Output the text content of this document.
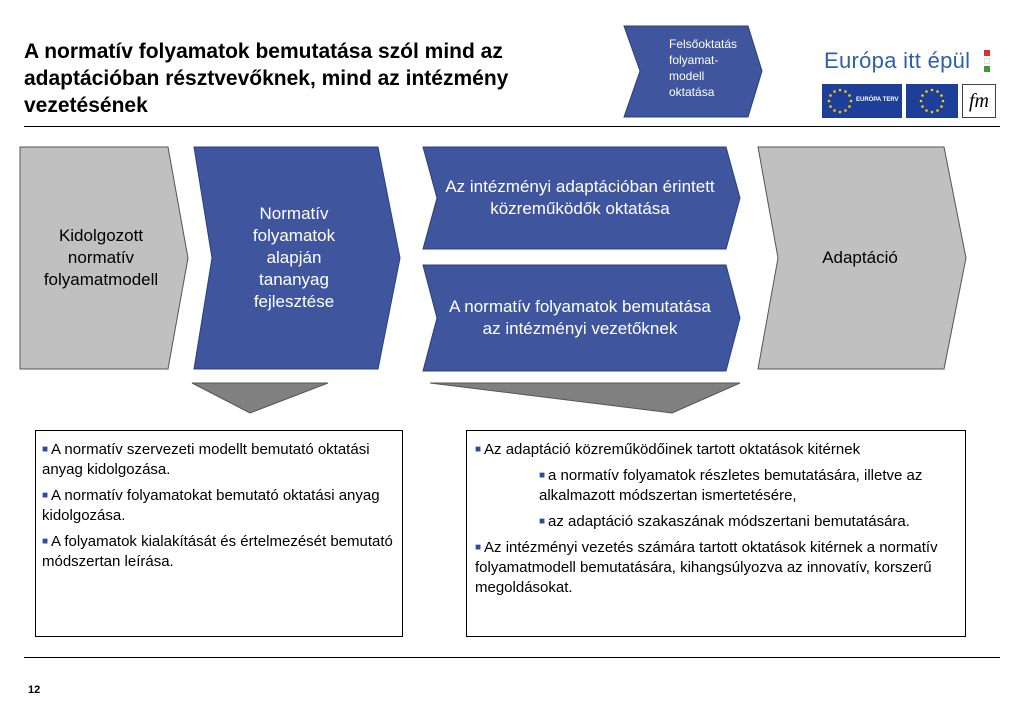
A normatív folyamatok bemutatása szól mind az adaptációban résztvevőknek, mind az intézmény vezetésének
Felsőoktatás
folyamat-
modell
oktatása
Európa itt épül
EURÓPA TERV	fm
Kidolgozott normatív folyamatmodell
Normatív folyamatok alapján tananyag fejlesztése
Az intézményi adaptációban érintett közreműködők oktatása
A normatív folyamatok bemutatása az intézményi vezetőknek
Adaptáció

■ A normatív szervezeti modellt bemutató oktatási anyag kidolgozása.

■ A normatív folyamatokat bemutató oktatási anyag kidolgozása.

■ A folyamatok kialakítását és értelmezését bemutató módszertan leírása.

■ Az adaptáció közreműködőinek tartott oktatások kitérnek

■ a normatív folyamatok részletes bemutatására, illetve az alkalmazott módszertan ismertetésére,

■ az adaptáció szakaszának módszertani bemutatására.

■ Az intézményi vezetés számára tartott oktatások kitérnek a normatív folyamatmodell bemutatására, kihangsúlyozva az innovatív, korszerű megoldásokat.

12
